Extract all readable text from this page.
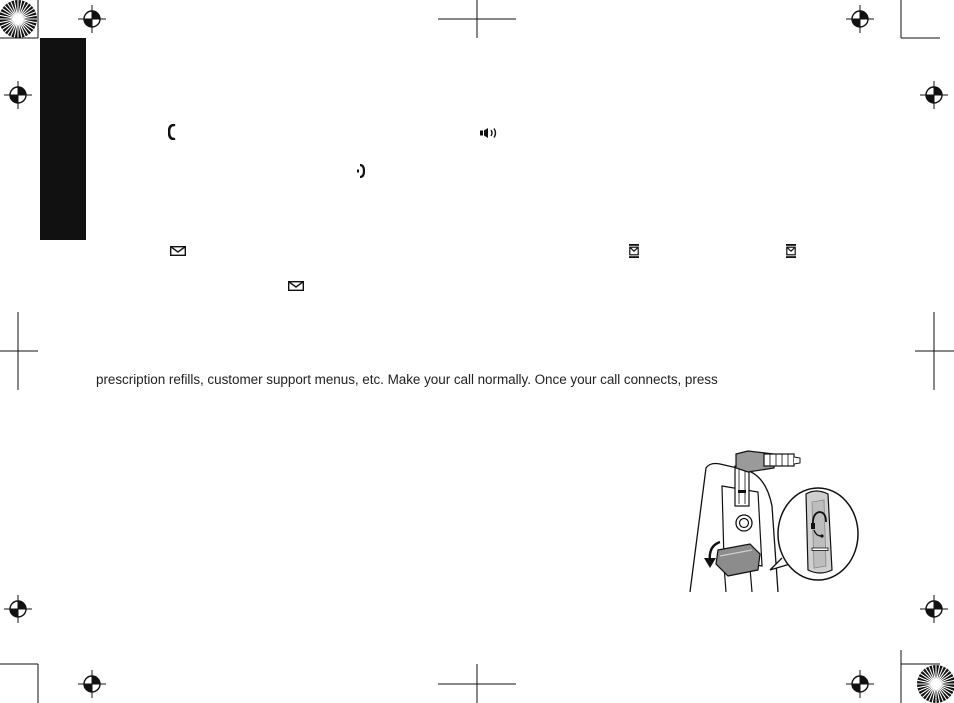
prescription refills, customer support menus, etc. Make your call normally. Once your call connects, press
